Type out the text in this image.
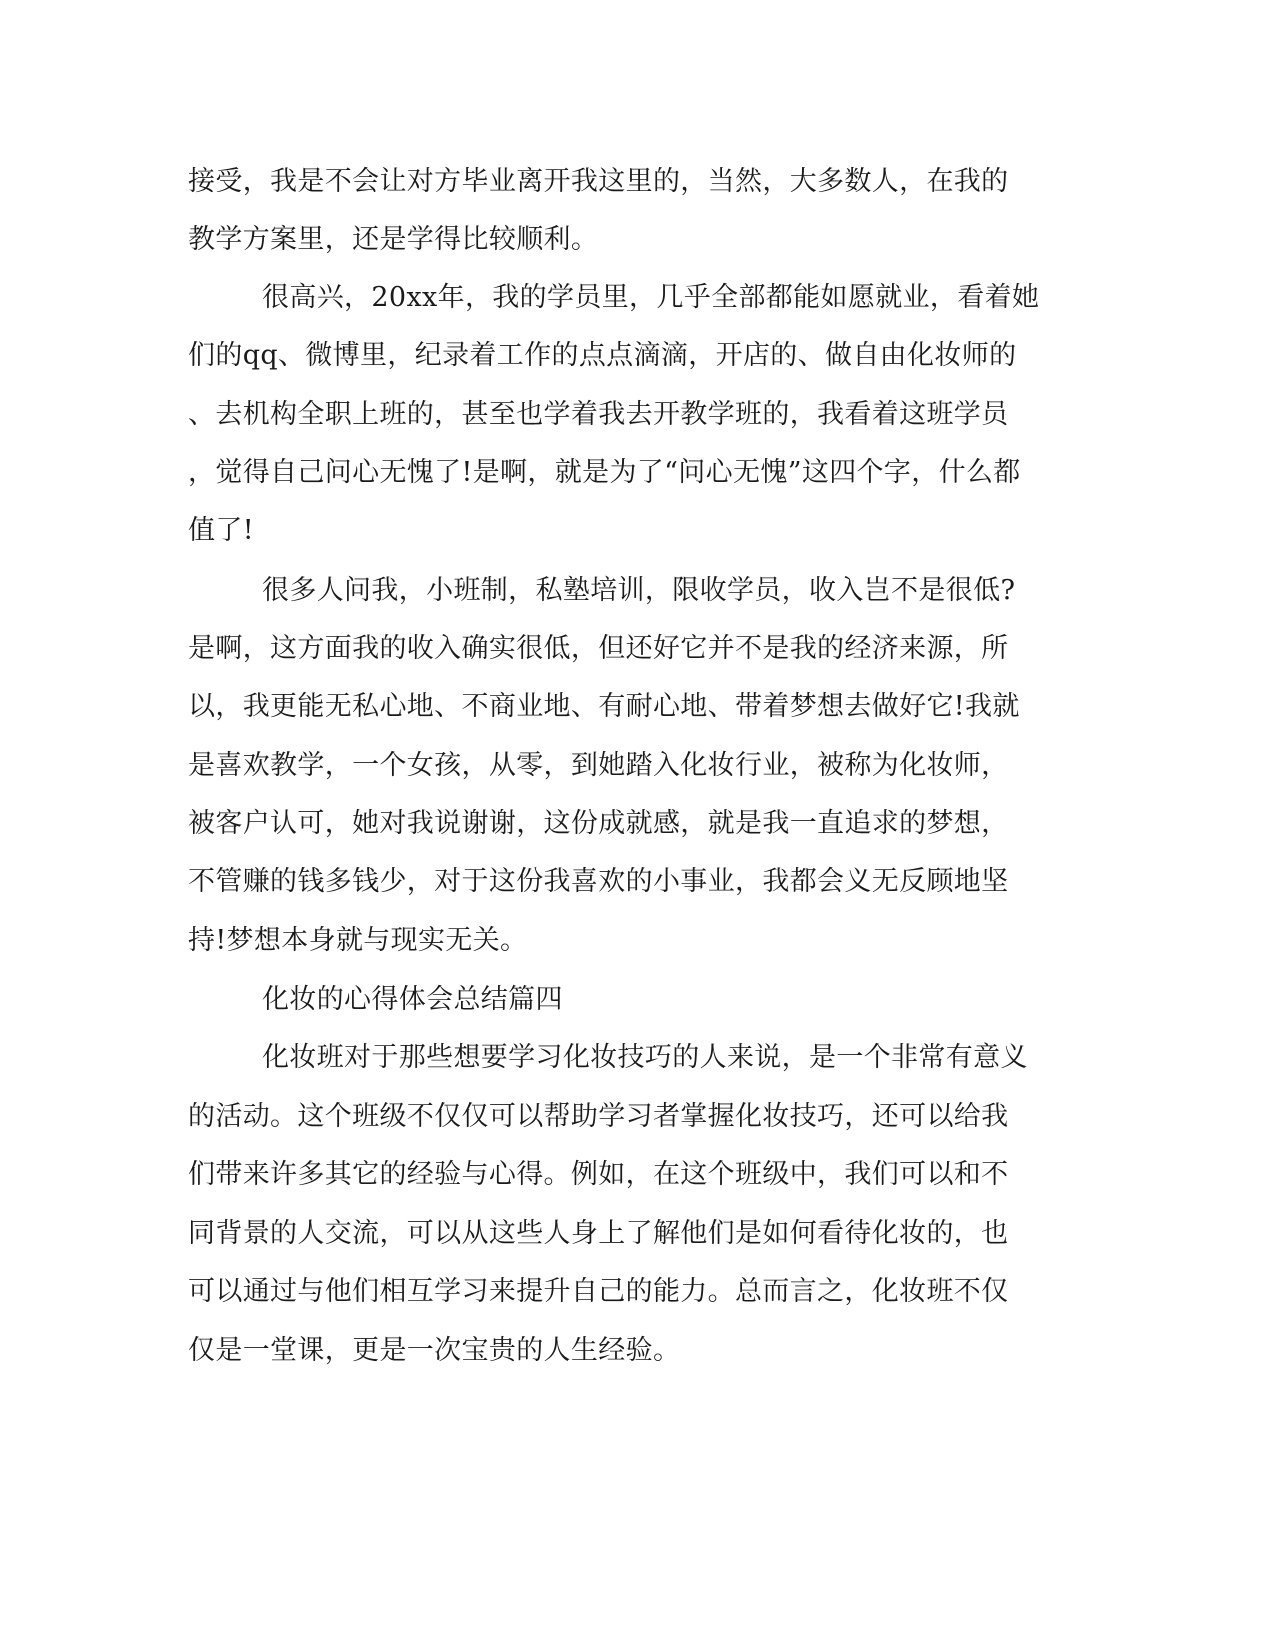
接受，我是不会让对方毕业离开我这里的，当然，大多数人，在我的
教学方案里，还是学得比较顺利。
很高兴，20xx年，我的学员里，几乎全部都能如愿就业，看着她
们的qq、微博里，纪录着工作的点点滴滴，开店的、做自由化妆师的
、去机构全职上班的，甚至也学着我去开教学班的，我看着这班学员
，觉得自己问心无愧了!是啊，就是为了“问心无愧”这四个字，什么都
值了!
很多人问我，小班制，私塾培训，限收学员，收入岂不是很低?
是啊，这方面我的收入确实很低，但还好它并不是我的经济来源，所
以，我更能无私心地、不商业地、有耐心地、带着梦想去做好它!我就
是喜欢教学，一个女孩，从零，到她踏入化妆行业，被称为化妆师，
被客户认可，她对我说谢谢，这份成就感，就是我一直追求的梦想，
不管赚的钱多钱少，对于这份我喜欢的小事业，我都会义无反顾地坚
持!梦想本身就与现实无关。
化妆的心得体会总结篇四
化妆班对于那些想要学习化妆技巧的人来说，是一个非常有意义
的活动。这个班级不仅仅可以帮助学习者掌握化妆技巧，还可以给我
们带来许多其它的经验与心得。例如，在这个班级中，我们可以和不
同背景的人交流，可以从这些人身上了解他们是如何看待化妆的，也
可以通过与他们相互学习来提升自己的能力。总而言之，化妆班不仅
仅是一堂课，更是一次宝贵的人生经验。
